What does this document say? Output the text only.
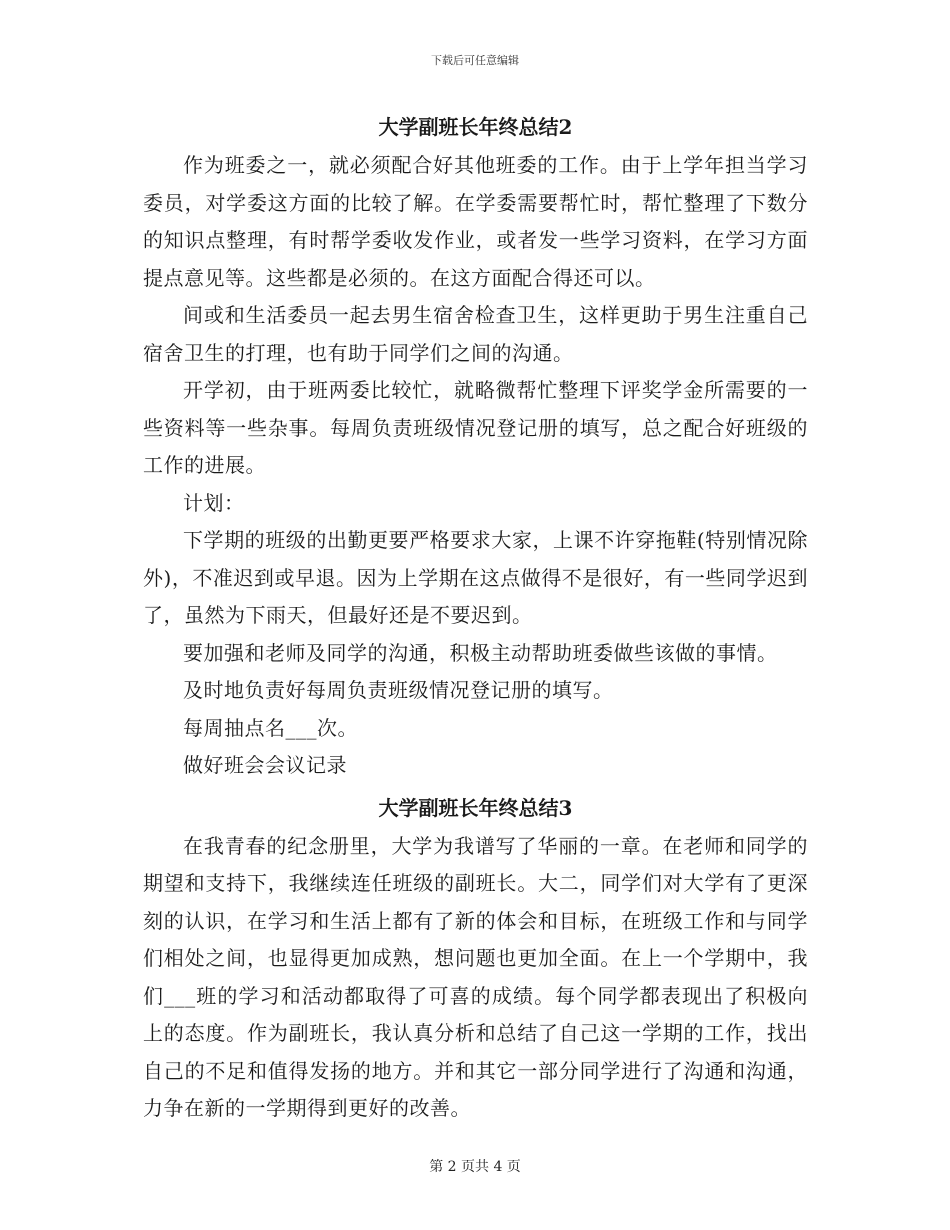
下载后可任意编辑
大学副班长年终总结2

作为班委之一，就必须配合好其他班委的工作。由于上学年担当学习委员，对学委这方面的比较了解。在学委需要帮忙时，帮忙整理了下数分的知识点整理，有时帮学委收发作业，或者发一些学习资料，在学习方面提点意见等。这些都是必须的。在这方面配合得还可以。

间或和生活委员一起去男生宿舍检查卫生，这样更助于男生注重自己宿舍卫生的打理，也有助于同学们之间的沟通。

开学初，由于班两委比较忙，就略微帮忙整理下评奖学金所需要的一些资料等一些杂事。每周负责班级情况登记册的填写，总之配合好班级的工作的进展。

计划：

下学期的班级的出勤更要严格要求大家，上课不许穿拖鞋(特别情况除外)，不准迟到或早退。因为上学期在这点做得不是很好，有一些同学迟到了，虽然为下雨天，但最好还是不要迟到。

要加强和老师及同学的沟通，积极主动帮助班委做些该做的事情。

及时地负责好每周负责班级情况登记册的填写。

每周抽点名___次。

做好班会会议记录

大学副班长年终总结3

在我青春的纪念册里，大学为我谱写了华丽的一章。在老师和同学的期望和支持下，我继续连任班级的副班长。大二，同学们对大学有了更深刻的认识，在学习和生活上都有了新的体会和目标，在班级工作和与同学们相处之间，也显得更加成熟，想问题也更加全面。在上一个学期中，我们___班的学习和活动都取得了可喜的成绩。每个同学都表现出了积极向上的态度。作为副班长，我认真分析和总结了自己这一学期的工作，找出自己的不足和值得发扬的地方。并和其它一部分同学进行了沟通和沟通，力争在新的一学期得到更好的改善。

第 2 页共 4 页
